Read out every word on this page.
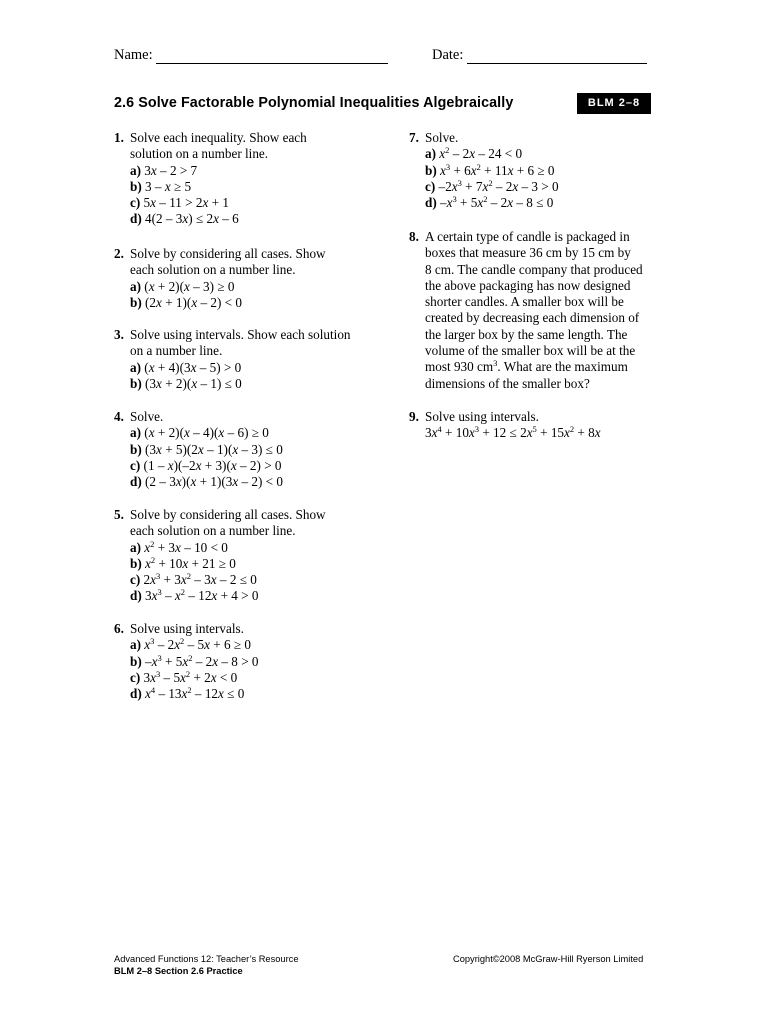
Name:	Date:
2.6 Solve Factorable Polynomial Inequalities Algebraically	BLM 2–8
1. Solve each inequality. Show each
solution on a number line.
a) 3x – 2 > 7
b) 3 – x ≥ 5
c) 5x – 11 > 2x + 1
d) 4(2 – 3x) ≤ 2x – 6
2. Solve by considering all cases. Show
each solution on a number line.
a) (x + 2)(x – 3) ≥ 0
b) (2x + 1)(x – 2) < 0
3. Solve using intervals. Show each solution
on a number line.
a) (x + 4)(3x – 5) > 0
b) (3x + 2)(x – 1) ≤ 0
4. Solve.
a) (x + 2)(x – 4)(x – 6) ≥ 0
b) (3x + 5)(2x – 1)(x – 3) ≤ 0
c) (1 – x)(–2x + 3)(x – 2) > 0
d) (2 – 3x)(x + 1)(3x – 2) < 0
5. Solve by considering all cases. Show
each solution on a number line.
a) $x^2 + 3x - 10 < 0$
b) $x^2 + 10x + 21 \ge 0$
c) $2x^3 + 3x^2 - 3x - 2 \le 0$
d) $3x^3 - x^2 - 12x + 4 > 0$
6. Solve using intervals.
a) $x^3 - 2x^2 - 5x + 6 \ge 0$
b) $-x^3 + 5x^2 - 2x - 8 > 0$
c) $3x^3 - 5x^2 + 2x < 0$
d) $x^4 - 13x^2 - 12x \le 0$
7. Solve.
a) $x^2 - 2x - 24 < 0$
b) $x^3 + 6x^2 + 11x + 6 \ge 0$
c) $-2x^3 + 7x^2 - 2x - 3 > 0$
d) $-x^3 + 5x^2 - 2x - 8 \le 0$
8. A certain type of candle is packaged in
boxes that measure 36 cm by 15 cm by
8 cm. The candle company that produced
the above packaging has now designed
shorter candles. A smaller box will be
created by decreasing each dimension of
the larger box by the same length. The
volume of the smaller box will be at the
most 930 $cm^3$. What are the maximum
dimensions of the smaller box?
9. Solve using intervals.
$3x^4 + 10x^3 + 12 \le 2x^5 + 15x^2 + 8x$
Advanced Functions 12: Teacher’s Resource
BLM 2–8 Section 2.6 Practice
Copyright©2008 McGraw-Hill Ryerson Limited
